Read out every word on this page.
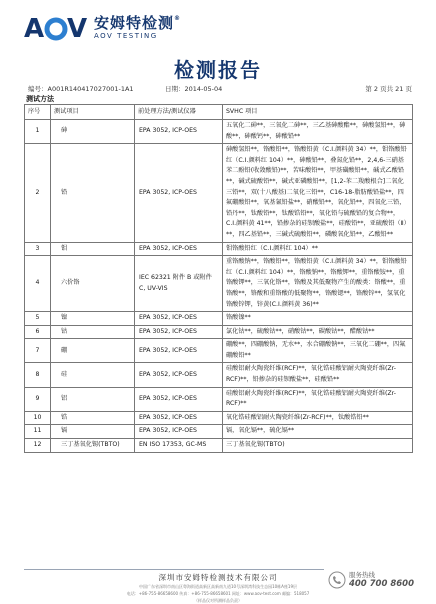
A V 安姆特检测®
AOV TESTING
检测报告
编号：A001R140417027001-1A1	日期：2014-05-04	第 2 页共 21 页
测试方法
序号	测试项目	前处理方法/测试仪器	SVHC 项目
1	砷	EPA 3052, ICP-OES	五氧化二砷**，三氧化二砷**，三乙基砷酸酯**，砷酸氢铅**，砷酸**，砷酸钙**，砷酸铅**
2	铅	EPA 3052, ICP-OES	砷酸氢铅**，铬酸铅**，铬酸铅黄（C.I.颜料黄 34）**，钼铬酸铅红（C.I.颜料红 104）**，砷酸铅**，叠氮化铅**，2,4,6-三硝基苯二酚铅(收敛酸铅)**，苦味酸铅**，甲基磺酸铅**，碱式乙酸铅**，碱式硫酸铅**，碱式亚磷酸铅**，[1,2-苯二羧酸根合]二氧化三铅**，双(十八酸基)二氧化三铅**，C16-18-脂肪酸铅盐**，四氟硼酸铅**，氧基氰铅盐**，硝酸铅**，氧化铅**，四氧化三铅，铅丹**，钛酸铅**，钛酸锆铅**，氧化铅与硫酸铅的复合物**，C.I.颜料黄 41**，铅掺杂的硅钡酸盐**，硅酸铅**，亚硫酸铅（Ⅱ）**，四乙基铅**，三碱式硫酸铅**，磷酸氧化铅**，乙酸铅**
3	钼	EPA 3052, ICP-OES	钼铬酸铅红（C.I.颜料红 104）**
4	六价铬	IEC 62321 附件 B 或附件 C, UV-VIS	重铬酸钠**，铬酸铅**，铬酸铅黄（C.I.颜料黄 34）**，钼铬酸铅红（C.I.颜料红 104）**，铬酸钠**，铬酸钾**，重铬酸铵**，重铬酸钾**，三氧化铬**，铬酸及其低聚物产生的酸类：铬酸**，重铬酸**，铬酸和重铬酸的低聚物**，铬酸锶**，铬酸锌**，氢氧化铬酸锌钾，锌黄(C.I.颜料黄 36)**
5	镍	EPA 3052, ICP-OES	铬酸镍**
6	钴	EPA 3052, ICP-OES	氯化钴**，硫酸钴**，硝酸钴**，碳酸钴**，醋酸钴**
7	硼	EPA 3052, ICP-OES	硼酸**，四硼酸钠，无水**，水合硼酸钠**，三氧化二硼**，四氟硼酸铅**
8	硅	EPA 3052, ICP-OES	硅酸铝耐火陶瓷纤维(RCF)**，氧化锆硅酸铝耐火陶瓷纤维(Zr-RCF)**，铅掺杂的硅钡酸盐**，硅酸铅**
9	铝	EPA 3052, ICP-OES	硅酸铝耐火陶瓷纤维(RCF)**，氧化锆硅酸铝耐火陶瓷纤维(Zr-RCF)**
10	锆	EPA 3052, ICP-OES	氧化锆硅酸铝耐火陶瓷纤维(Zr-RCF)**，钛酸锆铅**
11	镉	EPA 3052, ICP-OES	镉，氧化镉**，硫化镉**
12	三丁基氧化锡(TBTO)	EN ISO 17353, GC-MS	三丁基氧化锡(TBTO)
深圳市安姆特检测技术有限公司
中国广东省深圳市南山区粤海街道高新区高新南九道10号深圳湾科技生态园10栋A座19层
电话：+86-755-86658600 传真：+86-755-86658601 网址：www.aov-test.com 邮编：518057
（样品仅对所测样品负责）
服务热线
400 700 8600
